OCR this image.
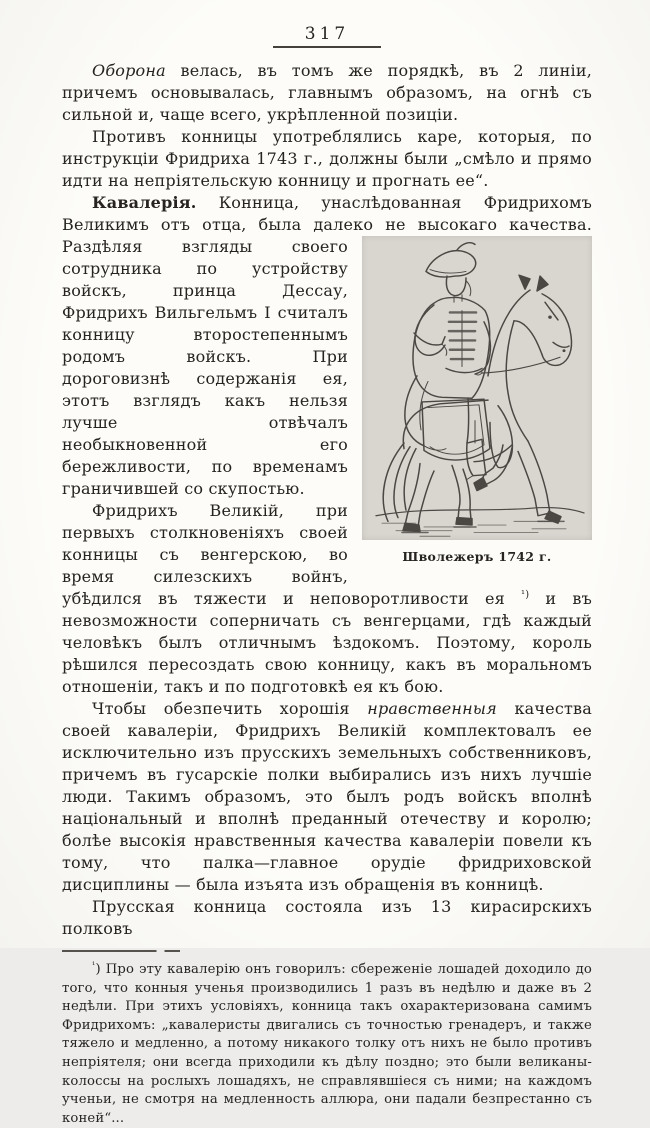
317

Оборона велась, въ томъ же порядкѣ, въ 2 линіи, причемъ основывалась, главнымъ образомъ, на огнѣ съ сильной и, чаще всего, укрѣпленной позиціи.

Противъ конницы употреблялись каре, которыя, по инструкціи Фридриха 1743 г., должны были „смѣло и прямо идти на непріятельскую конницу и прогнать ее“.

Шволежеръ 1742 г.

Кавалерія. Конница, унаслѣдованная Фридрихомъ Великимъ отъ отца, была далеко не высокаго качества. Раздѣляя взгляды своего сотрудника по устройству войскъ, принца Дессау, Фридрихъ Вильгельмъ I считалъ конницу второстепеннымъ родомъ войскъ. При дороговизнѣ содержанія ея, этотъ взглядъ какъ нельзя лучше отвѣчалъ необыкновенной его бережливости, по временамъ граничившей со скупостью.

Фридрихъ Великій, при первыхъ столкновеніяхъ своей конницы съ венгерскою, во время силезскихъ войнъ, убѣдился въ тяжести и неповоротливости ея $^{^1)}$ и въ невозможности соперничать съ венгерцами, гдѣ каждый человѣкъ былъ отличнымъ ѣздокомъ. Поэтому, король рѣшился пересоздать свою конницу, какъ въ моральномъ отношеніи, такъ и по подготовкѣ ея къ бою.

Чтобы обезпечить хорошія нравственныя качества своей кавалеріи, Фридрихъ Великій комплектовалъ ее исключительно изъ прусскихъ земельныхъ собственниковъ, причемъ въ гусарскіе полки выбирались изъ нихъ лучшіе люди. Такимъ образомъ, это былъ родъ войскъ вполнѣ національный и вполнѣ преданный отечеству и королю; болѣе высокія нравственныя качества кавалеріи повели къ тому, что палка—главное орудіе фридриховской дисциплины — была изъята изъ обращенія въ конницѣ.

Прусская конница состояла изъ 13 кирасирскихъ полковъ

$^{^1}$) Про эту кавалерію онъ говорилъ: сбереженіе лошадей доходило до того, что конныя ученья производились 1 разъ въ недѣлю и даже въ 2 недѣли. При этихъ условіяхъ, конница такъ охарактеризована самимъ Фридрихомъ: „кавалеристы двигались съ точностью гренадеръ, и также тяжело и медленно, а потому никакого толку отъ нихъ не было противъ непріятеля; они всегда приходили къ дѣлу поздно; это были великаны-колоссы на рослыхъ лошадяхъ, не справлявшіеся съ ними; на каждомъ ученьи, не смотря на медленность аллюра, они падали безпрестанно съ коней“...
